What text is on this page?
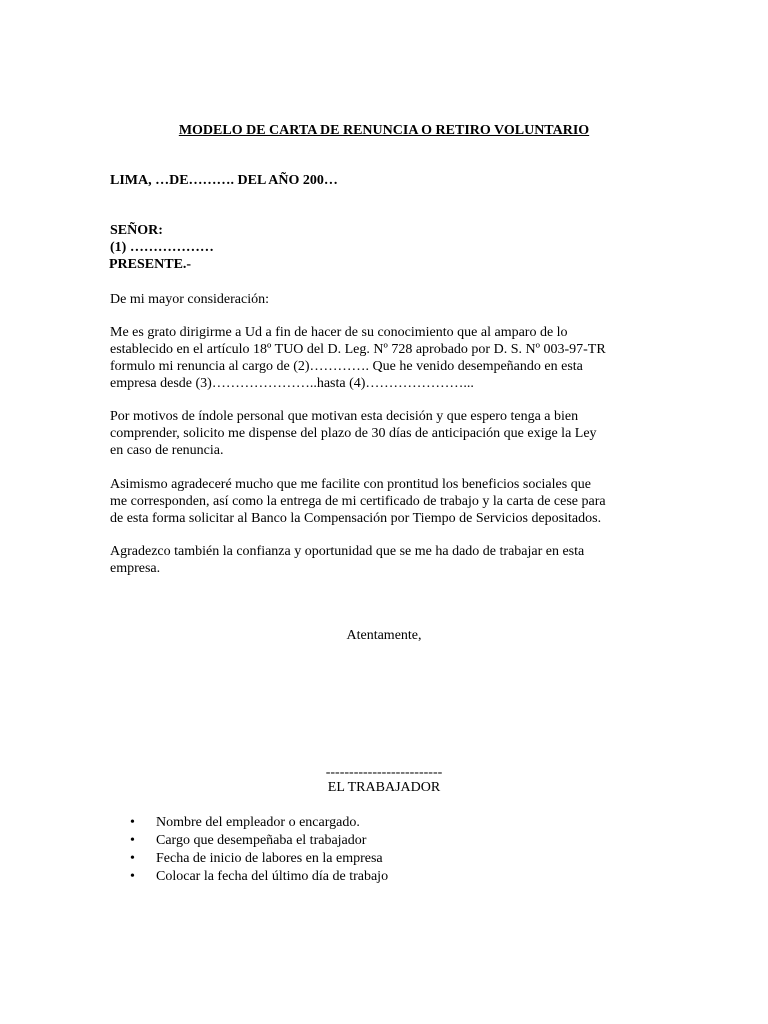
MODELO DE CARTA DE RENUNCIA O RETIRO VOLUNTARIO
LIMA, …DE………. DEL AÑO 200…
SEÑOR:
(1) ………………
PRESENTE.-

De mi mayor consideración:

Me es grato dirigirme a Ud a fin de hacer de su conocimiento que al amparo de lo
establecido en el artículo 18º TUO del D. Leg. Nº 728 aprobado por D. S. Nº 003-97-TR
formulo mi renuncia al cargo de (2)…………. Que he venido desempeñando en esta
empresa desde (3)…………………..hasta (4)…………………...

Por motivos de índole personal que motivan esta decisión y que espero tenga a bien
comprender, solicito me dispense del plazo de 30 días de anticipación que exige la Ley
en caso de renuncia.

Asimismo agradeceré mucho que me facilite con prontitud los beneficios sociales que
me corresponden, así como la entrega de mi certificado de trabajo y la carta de cese para
de esta forma solicitar al Banco la Compensación por Tiempo de Servicios depositados.

Agradezco también la confianza y oportunidad que se me ha dado de trabajar en esta
empresa.

Atentamente,
-------------------------
EL TRABAJADOR
• Nombre del empleador o encargado.
• Cargo que desempeñaba el trabajador
• Fecha de inicio de labores en la empresa
• Colocar la fecha del último día de trabajo
